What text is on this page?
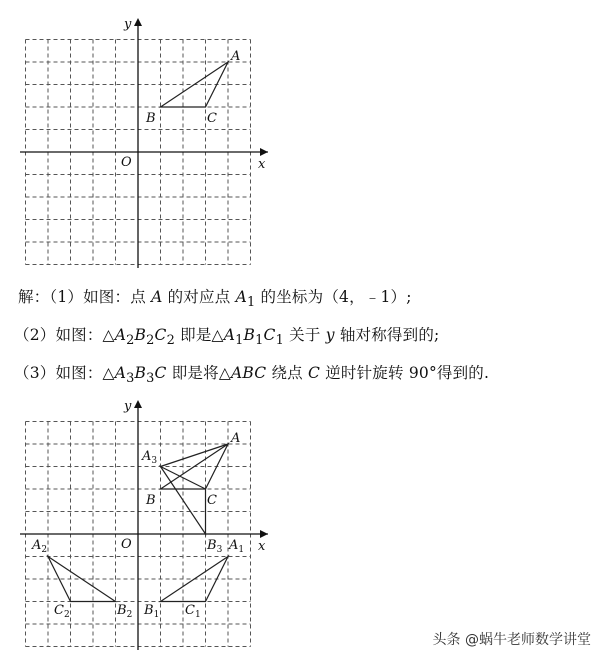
x
y
O
A
B	C
解：（1）如图：点 A 的对应点 $A_1$ 的坐标为（4，﹣1）;
（2）如图：$\triangle A_2B_2C_2$ 即是$\triangle A_1B_1C_1$ 关于 y 轴对称得到的;
（3）如图：$\triangle A_3B_3C$ 即是将△ABC 绕点 C 逆时针旋转 90°得到的.
x
y
O
A
B	C
$A_3$
$B_3$ $A_1$
$B_1$ $C_1$
$A_2$
$B_2$
$C_2$
头条 @蜗牛老师数学讲堂
